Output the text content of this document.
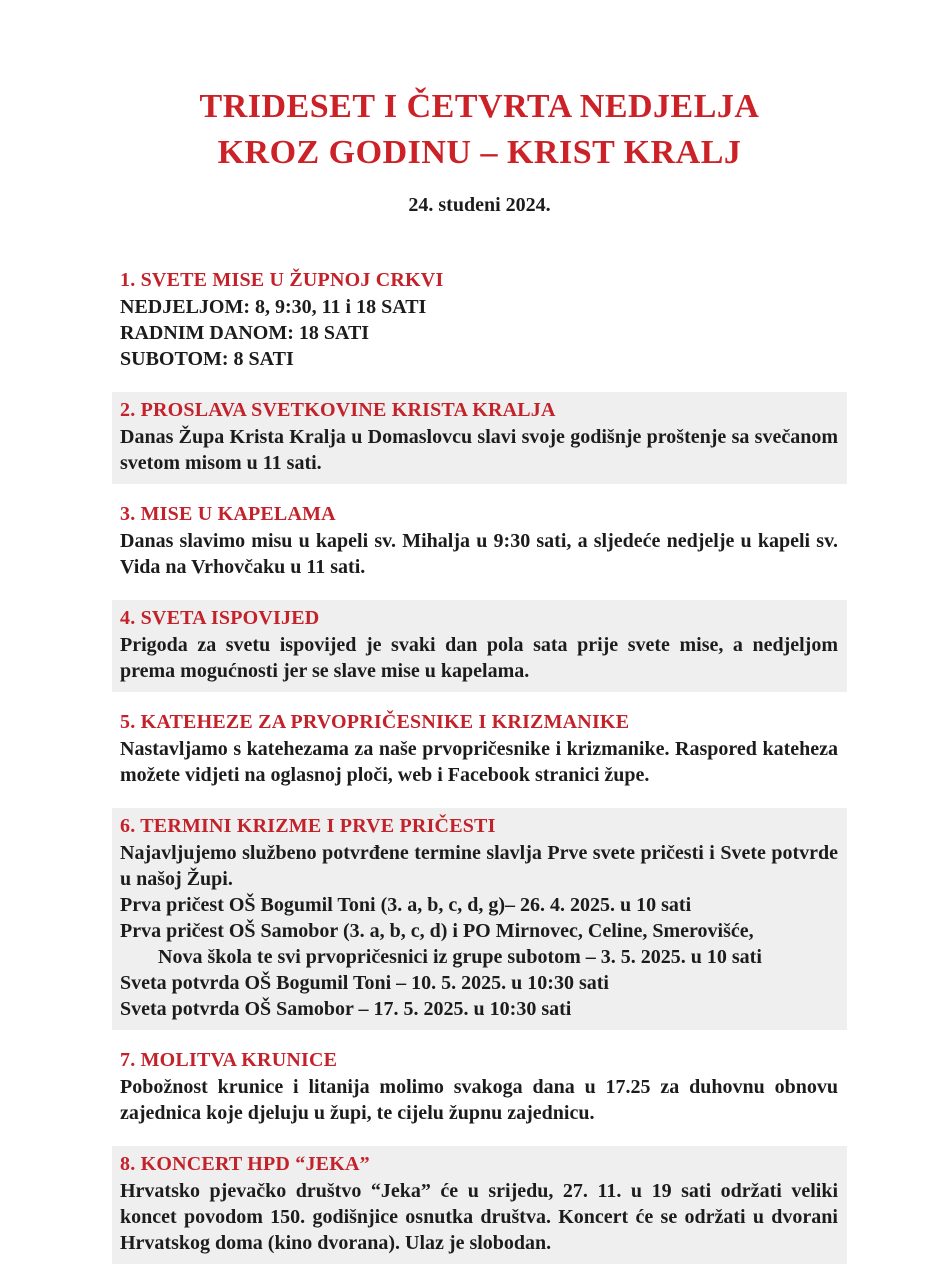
TRIDESET I ČETVRTA NEDJELJA
KROZ GODINU – KRIST KRALJ
24. studeni 2024.

1. SVETE MISE U ŽUPNOJ CRKVI

NEDJELJOM: 8, 9:30, 11 i 18 SATI
RADNIM DANOM: 18 SATI
SUBOTOM: 8 SATI

2. PROSLAVA SVETKOVINE KRISTA KRALJA

Danas Župa Krista Kralja u Domaslovcu slavi svoje godišnje proštenje sa svečanom svetom misom u 11 sati.

3. MISE U KAPELAMA

Danas slavimo misu u kapeli sv. Mihalja u 9:30 sati, a sljedeće nedjelje u kapeli sv. Vida na Vrhovčaku u 11 sati.

4. SVETA ISPOVIJED

Prigoda za svetu ispovijed je svaki dan pola sata prije svete mise, a nedjeljom prema mogućnosti jer se slave mise u kapelama.

5. KATEHEZE ZA PRVOPRIČESNIKE I KRIZMANIKE

Nastavljamo s katehezama za naše prvopričesnike i krizmanike. Raspored kateheza možete vidjeti na oglasnoj ploči, web i Facebook stranici župe.

6. TERMINI KRIZME I PRVE PRIČESTI

Najavljujemo službeno potvrđene termine slavlja Prve svete pričesti i Svete potvrde u našoj Župi.

Prva pričest OŠ Bogumil Toni (3. a, b, c, d, g)– 26. 4. 2025. u 10 sati
Prva pričest OŠ Samobor (3. a, b, c, d) i PO Mirnovec, Celine, Smerovišće,
Nova škola te svi prvopričesnici iz grupe subotom – 3. 5. 2025. u 10 sati
Sveta potvrda OŠ Bogumil Toni – 10. 5. 2025. u 10:30 sati
Sveta potvrda OŠ Samobor – 17. 5. 2025. u 10:30 sati

7. MOLITVA KRUNICE

Pobožnost krunice i litanija molimo svakoga dana u 17.25 za duhovnu obnovu zajednica koje djeluju u župi, te cijelu župnu zajednicu.

8. KONCERT HPD “JEKA”

Hrvatsko pjevačko društvo “Jeka” će u srijedu, 27. 11. u 19 sati održati veliki koncet povodom 150. godišnjice osnutka društva. Koncert će se održati u dvorani Hrvatskog doma (kino dvorana). Ulaz je slobodan.
